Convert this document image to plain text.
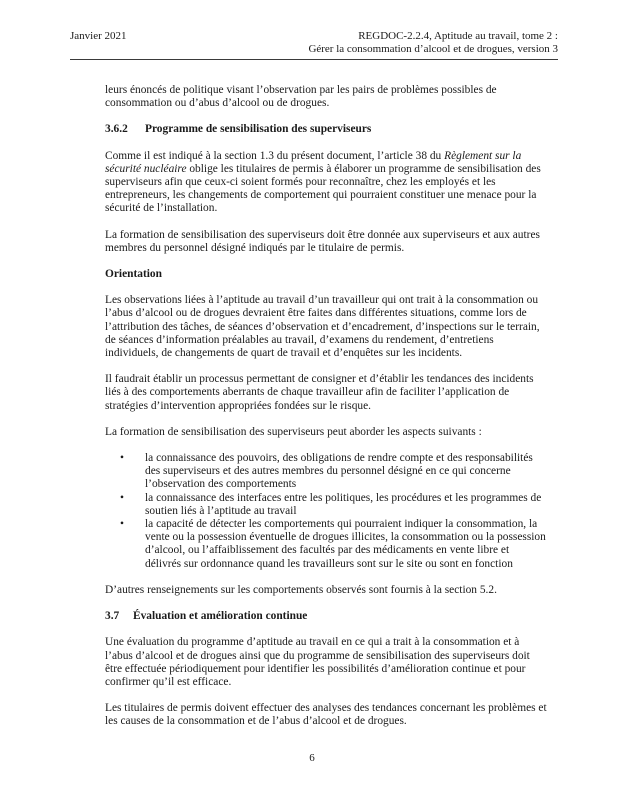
Janvier 2021	REGDOC-2.2.4, Aptitude au travail, tome 2 :
Gérer la consommation d’alcool et de drogues, version 3

leurs énoncés de politique visant l’observation par les pairs de problèmes possibles de consommation ou d’abus d’alcool ou de drogues.

3.6.2 Programme de sensibilisation des superviseurs

Comme il est indiqué à la section 1.3 du présent document, l’article 38 du Règlement sur la sécurité nucléaire oblige les titulaires de permis à élaborer un programme de sensibilisation des superviseurs afin que ceux-ci soient formés pour reconnaître, chez les employés et les entrepreneurs, les changements de comportement qui pourraient constituer une menace pour la sécurité de l’installation.

La formation de sensibilisation des superviseurs doit être donnée aux superviseurs et aux autres membres du personnel désigné indiqués par le titulaire de permis.

Orientation

Les observations liées à l’aptitude au travail d’un travailleur qui ont trait à la consommation ou l’abus d’alcool ou de drogues devraient être faites dans différentes situations, comme lors de l’attribution des tâches, de séances d’observation et d’encadrement, d’inspections sur le terrain, de séances d’information préalables au travail, d’examens du rendement, d’entretiens individuels, de changements de quart de travail et d’enquêtes sur les incidents.

Il faudrait établir un processus permettant de consigner et d’établir les tendances des incidents liés à des comportements aberrants de chaque travailleur afin de faciliter l’application de stratégies d’intervention appropriées fondées sur le risque.

La formation de sensibilisation des superviseurs peut aborder les aspects suivants :

• la connaissance des pouvoirs, des obligations de rendre compte et des responsabilités des superviseurs et des autres membres du personnel désigné en ce qui concerne l’observation des comportements
• la connaissance des interfaces entre les politiques, les procédures et les programmes de soutien liés à l’aptitude au travail
• la capacité de détecter les comportements qui pourraient indiquer la consommation, la vente ou la possession éventuelle de drogues illicites, la consommation ou la possession d’alcool, ou l’affaiblissement des facultés par des médicaments en vente libre et délivrés sur ordonnance quand les travailleurs sont sur le site ou sont en fonction

D’autres renseignements sur les comportements observés sont fournis à la section 5.2.

3.7 Évaluation et amélioration continue

Une évaluation du programme d’aptitude au travail en ce qui a trait à la consommation et à l’abus d’alcool et de drogues ainsi que du programme de sensibilisation des superviseurs doit être effectuée périodiquement pour identifier les possibilités d’amélioration continue et pour confirmer qu’il est efficace.

Les titulaires de permis doivent effectuer des analyses des tendances concernant les problèmes et les causes de la consommation et de l’abus d’alcool et de drogues.

6
